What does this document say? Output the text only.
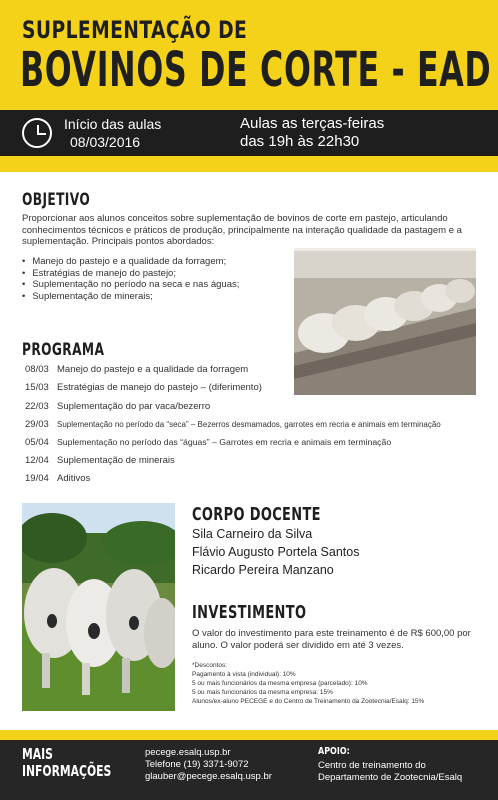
SUPLEMENTAÇÃO DE
BOVINOS DE CORTE - EAD
Início das aulas
08/03/2016
Aulas as terças-feiras
das 19h às 22h30
OBJETIVO
Proporcionar aos alunos conceitos sobre suplementação de bovinos de corte em pastejo, articulando conhecimentos técnicos e práticos de produção, principalmente na interação qualidade da pastagem e a suplementação. Principais pontos abordados:
• Manejo do pastejo e a qualidade da forragem;
• Estratégias de manejo do pastejo;
• Suplementação no período na seca e nas águas;
• Suplementação de minerais;
PROGRAMA
08/03 Manejo do pastejo e a qualidade da forragem
15/03 Estratégias de manejo do pastejo – (diferimento)
22/03 Suplementação do par vaca/bezerro
29/03 Suplementação no período da “seca” – Bezerros desmamados, garrotes em recria e animais em terminação
05/04 Suplementação no período das “águas” – Garrotes em recria e animais em terminação
12/04 Suplementação de minerais
19/04 Aditivos
CORPO DOCENTE
Sila Carneiro da Silva
Flávio Augusto Portela Santos
Ricardo Pereira Manzano
INVESTIMENTO
O valor do investimento para este treinamento é de R$ 600,00 por aluno. O valor poderá ser dividido em até 3 vezes.
*Descontos:
Pagamento à vista (individual): 10%
5 ou mais funcionários da mesma empresa (parcelado): 10%
5 ou mais funcionários da mesma empresa: 15%
Alunos/ex-aluno PECEGE e do Centro de Treinamento da Zootecnia/Esalq: 15%
MAIS
INFORMAÇÕES
pecege.esalq.usp.br
Telefone (19) 3371-9072
glauber@pecege.esalq.usp.br
APOIO:
Centro de treinamento do
Departamento de Zootecnia/Esalq
